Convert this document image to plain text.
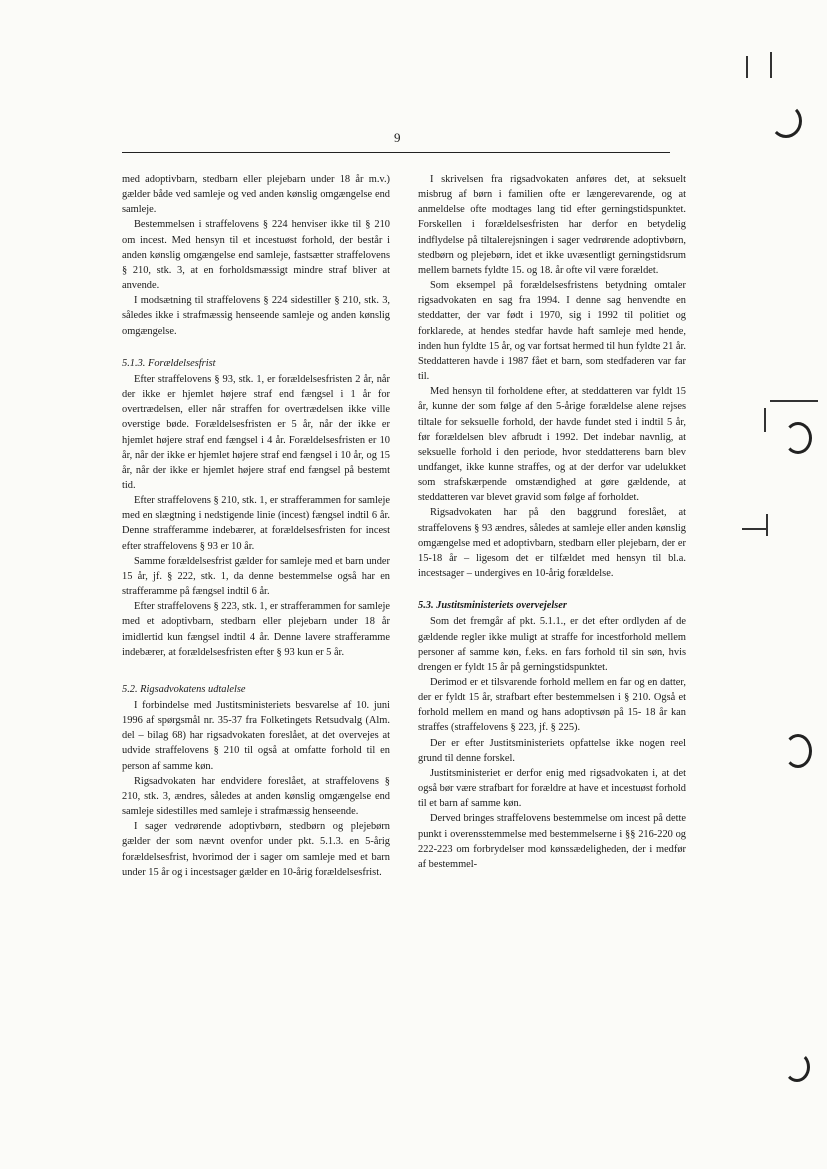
9

med adoptivbarn, stedbarn eller plejebarn under 18 år m.v.) gælder både ved samleje og ved anden kønslig omgængelse end samleje.

Bestemmelsen i straffelovens § 224 henviser ikke til § 210 om incest. Med hensyn til et incestuøst forhold, der består i anden kønslig omgængelse end samleje, fastsætter straffelovens § 210, stk. 3, at en forholdsmæssigt mindre straf bliver at anvende.

I modsætning til straffelovens § 224 sidestiller § 210, stk. 3, således ikke i strafmæssig henseende samleje og anden kønslig omgængelse.

5.1.3. Forældelsesfrist

Efter straffelovens § 93, stk. 1, er forældelsesfristen 2 år, når der ikke er hjemlet højere straf end fængsel i 1 år for overtrædelsen, eller når straffen for overtrædelsen ikke ville overstige bøde. Forældelsesfristen er 5 år, når der ikke er hjemlet højere straf end fængsel i 4 år. Forældelsesfristen er 10 år, når der ikke er hjemlet højere straf end fængsel i 10 år, og 15 år, når der ikke er hjemlet højere straf end fængsel på bestemt tid.

Efter straffelovens § 210, stk. 1, er strafferammen for samleje med en slægtning i nedstigende linie (incest) fængsel indtil 6 år. Denne strafferamme indebærer, at forældelsesfristen for incest efter straffelovens § 93 er 10 år.

Samme forældelsesfrist gælder for samleje med et barn under 15 år, jf. § 222, stk. 1, da denne bestemmelse også har en strafferamme på fængsel indtil 6 år.

Efter straffelovens § 223, stk. 1, er strafferammen for samleje med et adoptivbarn, stedbarn eller plejebarn under 18 år imidlertid kun fængsel indtil 4 år. Denne lavere strafferamme indebærer, at forældelsesfristen efter § 93 kun er 5 år.

5.2. Rigsadvokatens udtalelse

I forbindelse med Justitsministeriets besvarelse af 10. juni 1996 af spørgsmål nr. 35-37 fra Folketingets Retsudvalg (Alm. del – bilag 68) har rigsadvokaten foreslået, at det overvejes at udvide straffelovens § 210 til også at omfatte forhold til en person af samme køn.

Rigsadvokaten har endvidere foreslået, at straffelovens § 210, stk. 3, ændres, således at anden kønslig omgængelse end samleje sidestilles med samleje i strafmæssig henseende.

I sager vedrørende adoptivbørn, stedbørn og plejebørn gælder der som nævnt ovenfor under pkt. 5.1.3. en 5-årig forældelsesfrist, hvorimod der i sager om samleje med et barn under 15 år og i incestsager gælder en 10-årig forældelsesfrist.

I skrivelsen fra rigsadvokaten anføres det, at seksuelt misbrug af børn i familien ofte er længerevarende, og at anmeldelse ofte modtages lang tid efter gerningstidspunktet. Forskellen i forældelsesfristen har derfor en betydelig indflydelse på tiltalerejsningen i sager vedrørende adoptivbørn, stedbørn og plejebørn, idet et ikke uvæsentligt gerningstidsrum mellem barnets fyldte 15. og 18. år ofte vil være forældet.

Som eksempel på forældelsesfristens betydning omtaler rigsadvokaten en sag fra 1994. I denne sag henvendte en steddatter, der var født i 1970, sig i 1992 til politiet og forklarede, at hendes stedfar havde haft samleje med hende, inden hun fyldte 15 år, og var fortsat hermed til hun fyldte 21 år. Steddatteren havde i 1987 fået et barn, som stedfaderen var far til.

Med hensyn til forholdene efter, at steddatteren var fyldt 15 år, kunne der som følge af den 5-årige forældelse alene rejses tiltale for seksuelle forhold, der havde fundet sted i indtil 5 år, før forældelsen blev afbrudt i 1992. Det indebar navnlig, at seksuelle forhold i den periode, hvor steddatterens barn blev undfanget, ikke kunne straffes, og at der derfor var udelukket som strafskærpende omstændighed at gøre gældende, at steddatteren var blevet gravid som følge af forholdet.

Rigsadvokaten har på den baggrund foreslået, at straffelovens § 93 ændres, således at samleje eller anden kønslig omgængelse med et adoptivbarn, stedbarn eller plejebarn, der er 15-18 år – ligesom det er tilfældet med hensyn til bl.a. incestsager – undergives en 10-årig forældelse.

5.3. Justitsministeriets overvejelser

Som det fremgår af pkt. 5.1.1., er det efter ordlyden af de gældende regler ikke muligt at straffe for incestforhold mellem personer af samme køn, f.eks. en fars forhold til sin søn, hvis drengen er fyldt 15 år på gerningstidspunktet.

Derimod er et tilsvarende forhold mellem en far og en datter, der er fyldt 15 år, strafbart efter bestemmelsen i § 210. Også et forhold mellem en mand og hans adoptivsøn på 15- 18 år kan straffes (straffelovens § 223, jf. § 225).

Der er efter Justitsministeriets opfattelse ikke nogen reel grund til denne forskel.

Justitsministeriet er derfor enig med rigsadvokaten i, at det også bør være strafbart for forældre at have et incestuøst forhold til et barn af samme køn.

Derved bringes straffelovens bestemmelse om incest på dette punkt i overensstemmelse med bestemmelserne i §§ 216-220 og 222-223 om forbrydelser mod kønssædeligheden, der i medfør af bestemmel-
